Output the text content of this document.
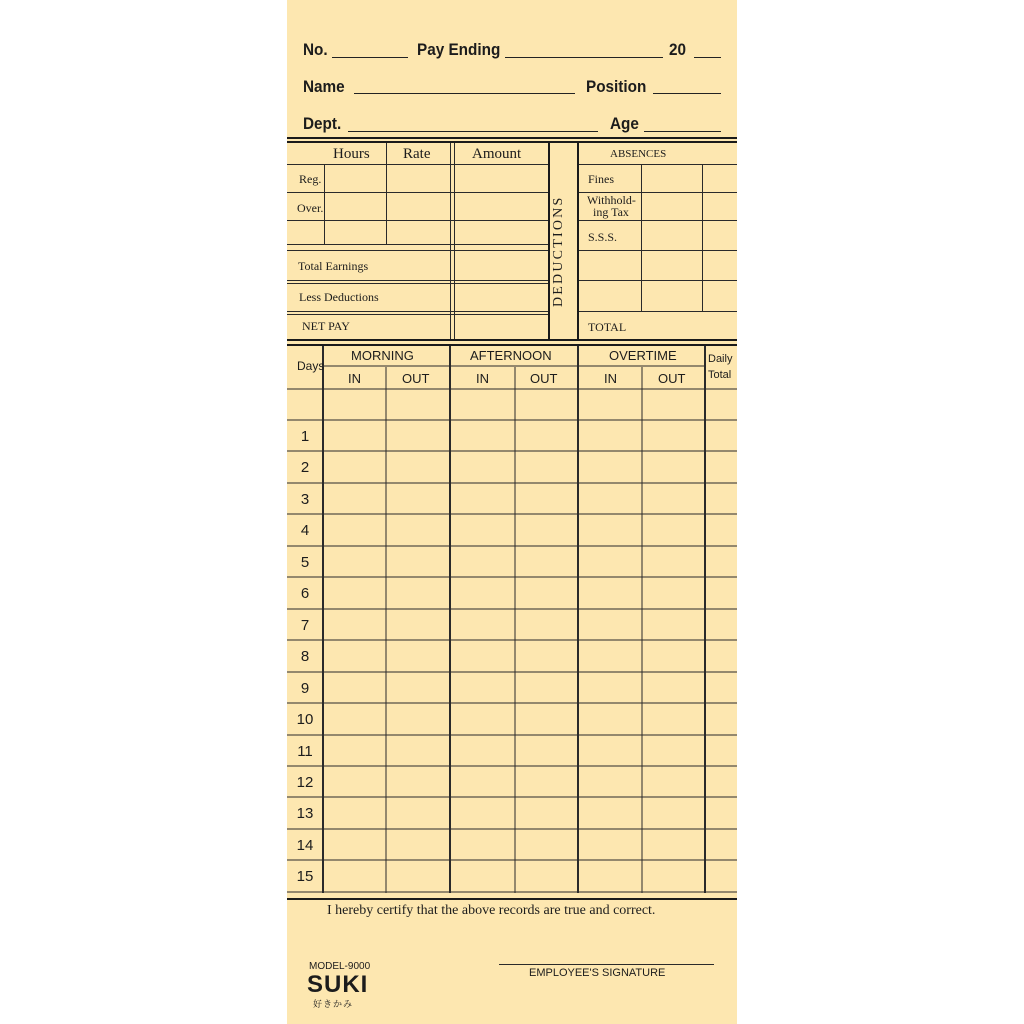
No.	Pay Ending	20
Name	Position
Dept.	Age
Hours Rate	Amount
Reg.
Over.
Total Earnings
Less Deductions
NET PAY
DEDUCTIONS
ABSENCES
Fines
Withhold-
ing Tax
S.S.S.
TOTAL
Days
MORNING	AFTERNOON	OVERTIME	Daily
Total
IN	OUT	IN	OUT	IN	OUT
1
2
3
4
5
6
7
8
9
10
11
12
13
14
15
I hereby certify that the above records are true and correct.
EMPLOYEE'S SIGNATURE
MODEL-9000
SUKI
好きかみ
